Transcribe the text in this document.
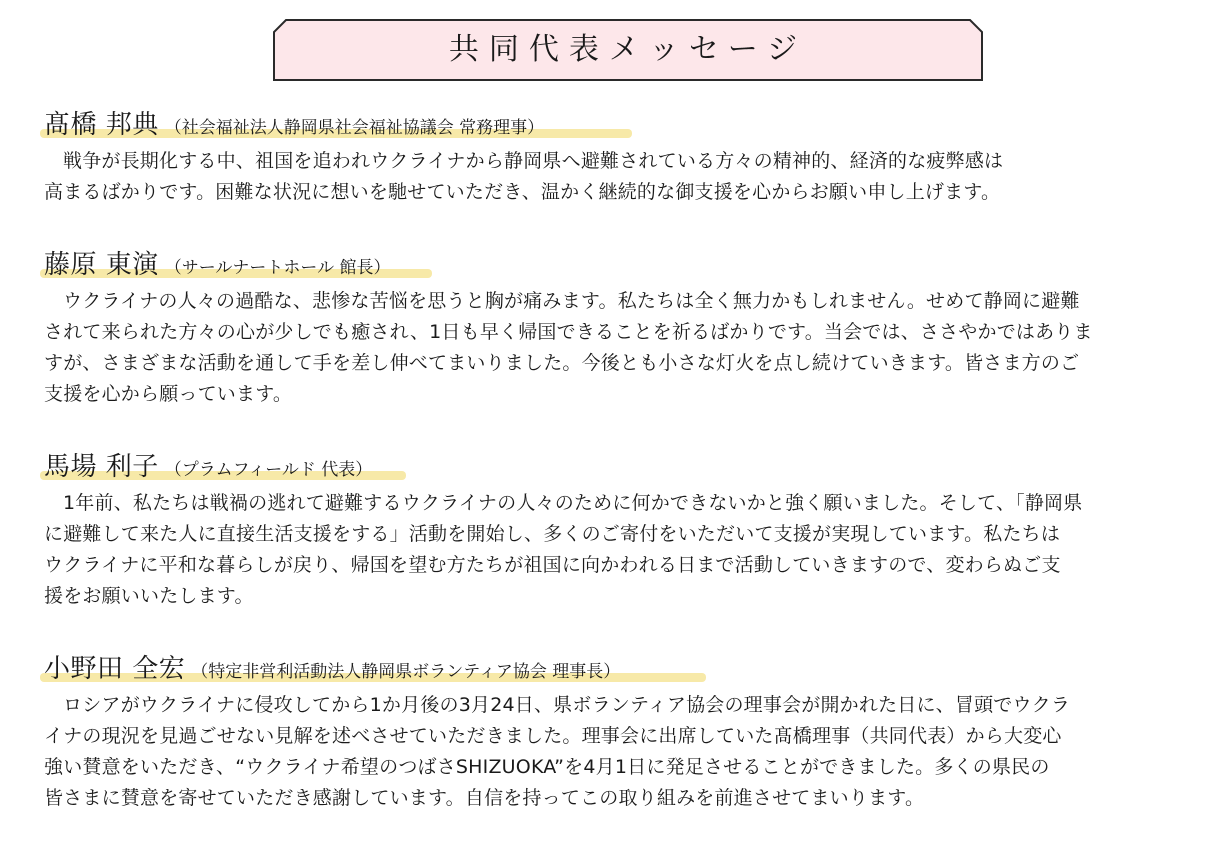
共同代表メッセージ
髙橋 邦典 （社会福祉法人静岡県社会福祉協議会 常務理事）

戦争が長期化する中、祖国を追われウクライナから静岡県へ避難されている方々の精神的、経済的な疲弊感は
高まるばかりです。困難な状況に想いを馳せていただき、温かく継続的な御支援を心からお願い申し上げます。

藤原 東演 （サールナートホール 館長）

ウクライナの人々の過酷な、悲惨な苦悩を思うと胸が痛みます。私たちは全く無力かもしれません。せめて静岡に避難
されて来られた方々の心が少しでも癒され、1日も早く帰国できることを祈るばかりです。当会では、ささやかではありま
すが、さまざまな活動を通して手を差し伸べてまいりました。今後とも小さな灯火を点し続けていきます。皆さま方のご
支援を心から願っています。

馬場 利子 （プラムフィールド 代表）

1年前、私たちは戦禍の逃れて避難するウクライナの人々のために何かできないかと強く願いました。そして、「静岡県
に避難して来た人に直接生活支援をする」活動を開始し、多くのご寄付をいただいて支援が実現しています。私たちは
ウクライナに平和な暮らしが戻り、帰国を望む方たちが祖国に向かわれる日まで活動していきますので、変わらぬご支
援をお願いいたします。

小野田 全宏 （特定非営利活動法人静岡県ボランティア協会 理事長）

ロシアがウクライナに侵攻してから1か月後の3月24日、県ボランティア協会の理事会が開かれた日に、冒頭でウクラ
イナの現況を見過ごせない見解を述べさせていただきました。理事会に出席していた髙橋理事（共同代表）から大変心
強い賛意をいただき、“ウクライナ希望のつばさSHIZUOKA”を4月1日に発足させることができました。多くの県民の
皆さまに賛意を寄せていただき感謝しています。自信を持ってこの取り組みを前進させてまいります。
